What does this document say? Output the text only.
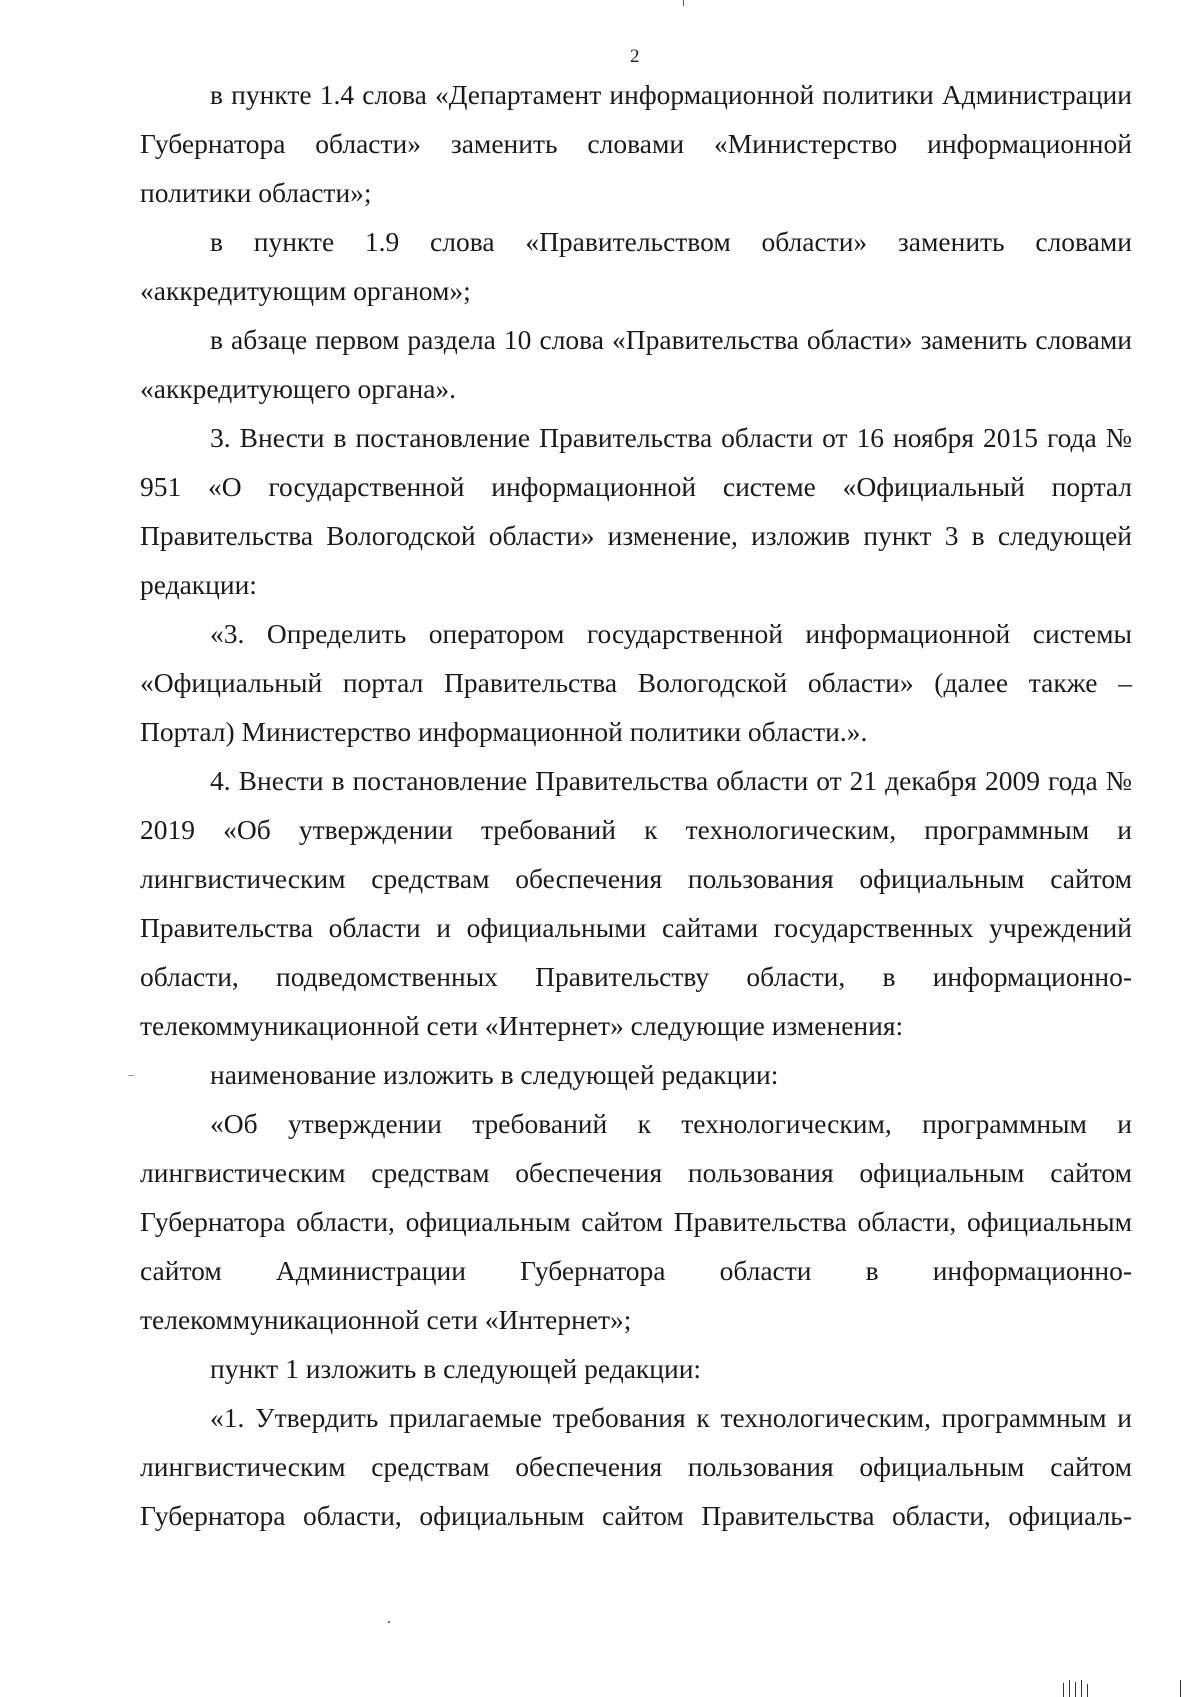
2

в пункте 1.4 слова «Департамент информационной политики Администрации Губернатора области» заменить словами «Министерство информационной политики области»;

в пункте 1.9 слова «Правительством области» заменить словами «аккредитующим органом»;

в абзаце первом раздела 10 слова «Правительства области» заменить словами «аккредитующего органа».

3. Внести в постановление Правительства области от 16 ноября 2015 года № 951 «О государственной информационной системе «Официальный портал Правительства Вологодской области» изменение, изложив пункт 3 в следующей редакции:

«3. Определить оператором государственной информационной системы «Официальный портал Правительства Вологодской области» (далее также – Портал) Министерство информационной политики области.».

4. Внести в постановление Правительства области от 21 декабря 2009 года № 2019 «Об утверждении требований к технологическим, программным и лингвистическим средствам обеспечения пользования официальным сайтом Правительства области и официальными сайтами государственных учреждений области, подведомственных Правительству области, в информационно-телекоммуникационной сети «Интернет» следующие изменения:

наименование изложить в следующей редакции:

«Об утверждении требований к технологическим, программным и лингвистическим средствам обеспечения пользования официальным сайтом Губернатора области, официальным сайтом Правительства области, официальным сайтом Администрации Губернатора области в информационно-телекоммуникационной сети «Интернет»;

пункт 1 изложить в следующей редакции:

«1. Утвердить прилагаемые требования к технологическим, программным и лингвистическим средствам обеспечения пользования официальным сайтом Губернатора области, официальным сайтом Правительства области, официаль-
